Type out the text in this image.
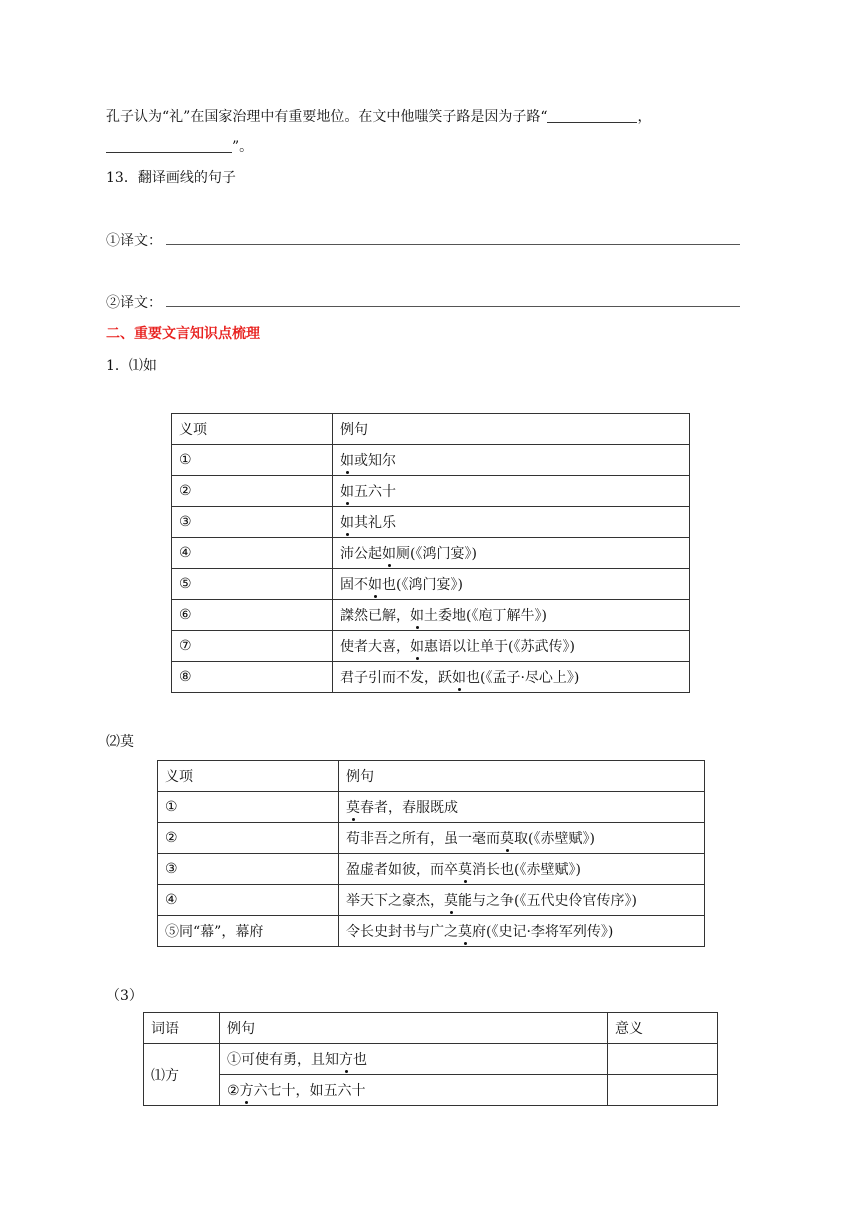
孔子认为“礼”在国家治理中有重要地位。在文中他嗤笑子路是因为子路“	，
”。
13．翻译画线的句子
①译文：
②译文：
二、重要文言知识点梳理
1．⑴如
义项	例句
①	如或知尔
②	如五六十
③	如其礼乐
④	沛公起如厕(《鸿门宴》)
⑤	固不如也(《鸿门宴》)
⑥	謋然已解，如土委地(《庖丁解牛》)
⑦	使者大喜，如惠语以让单于(《苏武传》)
⑧	君子引而不发，跃如也(《孟子·尽心上》)
⑵莫
义项	例句
①	莫春者，春服既成
②	苟非吾之所有，虽一毫而莫取(《赤壁赋》)
③	盈虚者如彼，而卒莫消长也(《赤壁赋》)
④	举天下之豪杰，莫能与之争(《五代史伶官传序》)
⑤同“幕”，幕府	令长史封书与广之莫府(《史记·李将军列传》)
（3）
词语	例句	意义
⑴方	①可使有勇，且知方也	
	②方六七十，如五六十	
